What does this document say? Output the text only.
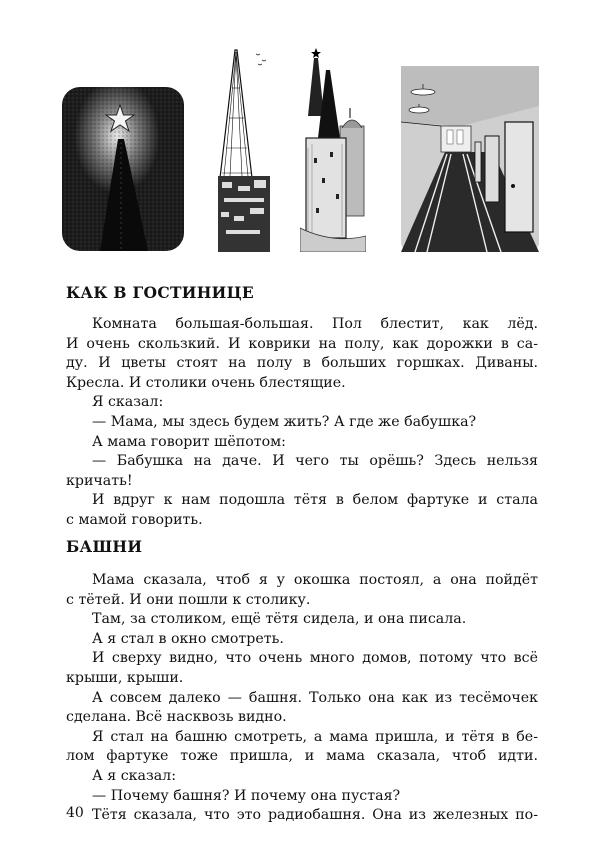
КАК В ГОСТИНИЦЕ
Комната большая-большая. Пол блестит, как лёд.
И очень скользкий. И коврики на полу, как дорожки в са-
ду. И цветы стоят на полу в больших горшках. Диваны.
Кресла. И столики очень блестящие.
Я сказал:
— Мама, мы здесь будем жить? А где же бабушка?
А мама говорит шёпотом:
— Бабушка на даче. И чего ты орёшь? Здесь нельзя
кричать!
И вдруг к нам подошла тётя в белом фартуке и стала
с мамой говорить.
БАШНИ
Мама сказала, чтоб я у окошка постоял, а она пойдёт
с тётей. И они пошли к столику.
Там, за столиком, ещё тётя сидела, и она писала.
А я стал в окно смотреть.
И сверху видно, что очень много домов, потому что всё
крыши, крыши.
А совсем далеко — башня. Только она как из тесёмочек
сделана. Всё насквозь видно.
Я стал на башню смотреть, а мама пришла, и тётя в бе-
лом фартуке тоже пришла, и мама сказала, чтоб идти.
А я сказал:
— Почему башня? И почему она пустая?
Тётя сказала, что это радиобашня. Она из железных по-
40
